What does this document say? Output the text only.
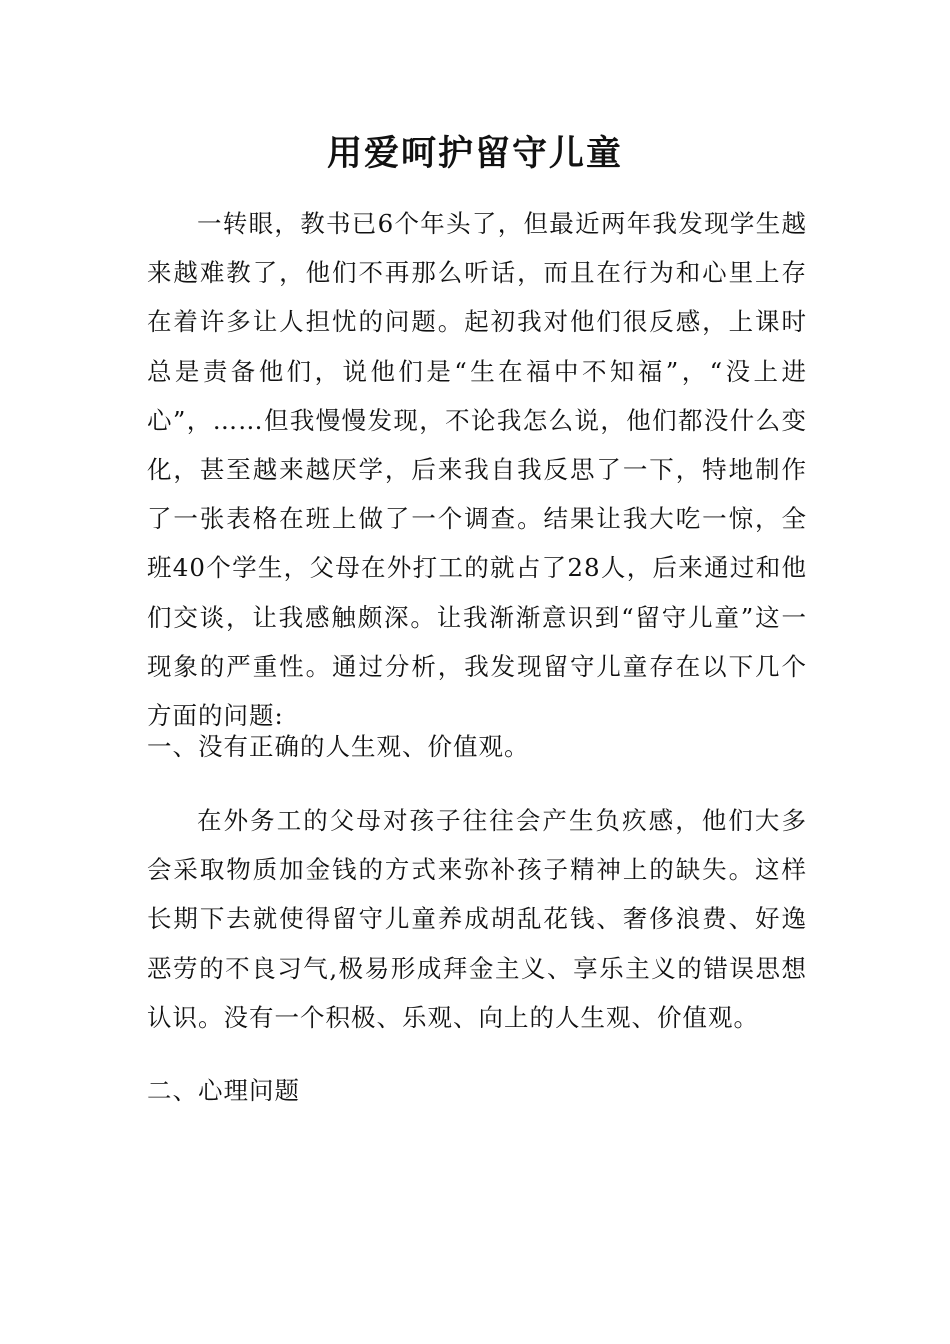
用爱呵护留守儿童

一转眼，教书已6个年头了，但最近两年我发现学生越来越难教了，他们不再那么听话，而且在行为和心里上存在着许多让人担忧的问题。起初我对他们很反感，上课时总是责备他们，说他们是“生在福中不知福”，“没上进心”，……但我慢慢发现，不论我怎么说，他们都没什么变化，甚至越来越厌学，后来我自我反思了一下，特地制作了一张表格在班上做了一个调查。结果让我大吃一惊，全班40个学生，父母在外打工的就占了28人，后来通过和他们交谈，让我感触颇深。让我渐渐意识到“留守儿童”这一现象的严重性。通过分析，我发现留守儿童存在以下几个方面的问题:

一、没有正确的人生观、价值观。

在外务工的父母对孩子往往会产生负疚感，他们大多会采取物质加金钱的方式来弥补孩子精神上的缺失。这样长期下去就使得留守儿童养成胡乱花钱、奢侈浪费、好逸恶劳的不良习气,极易形成拜金主义、享乐主义的错误思想认识。没有一个积极、乐观、向上的人生观、价值观。

二、心理问题
